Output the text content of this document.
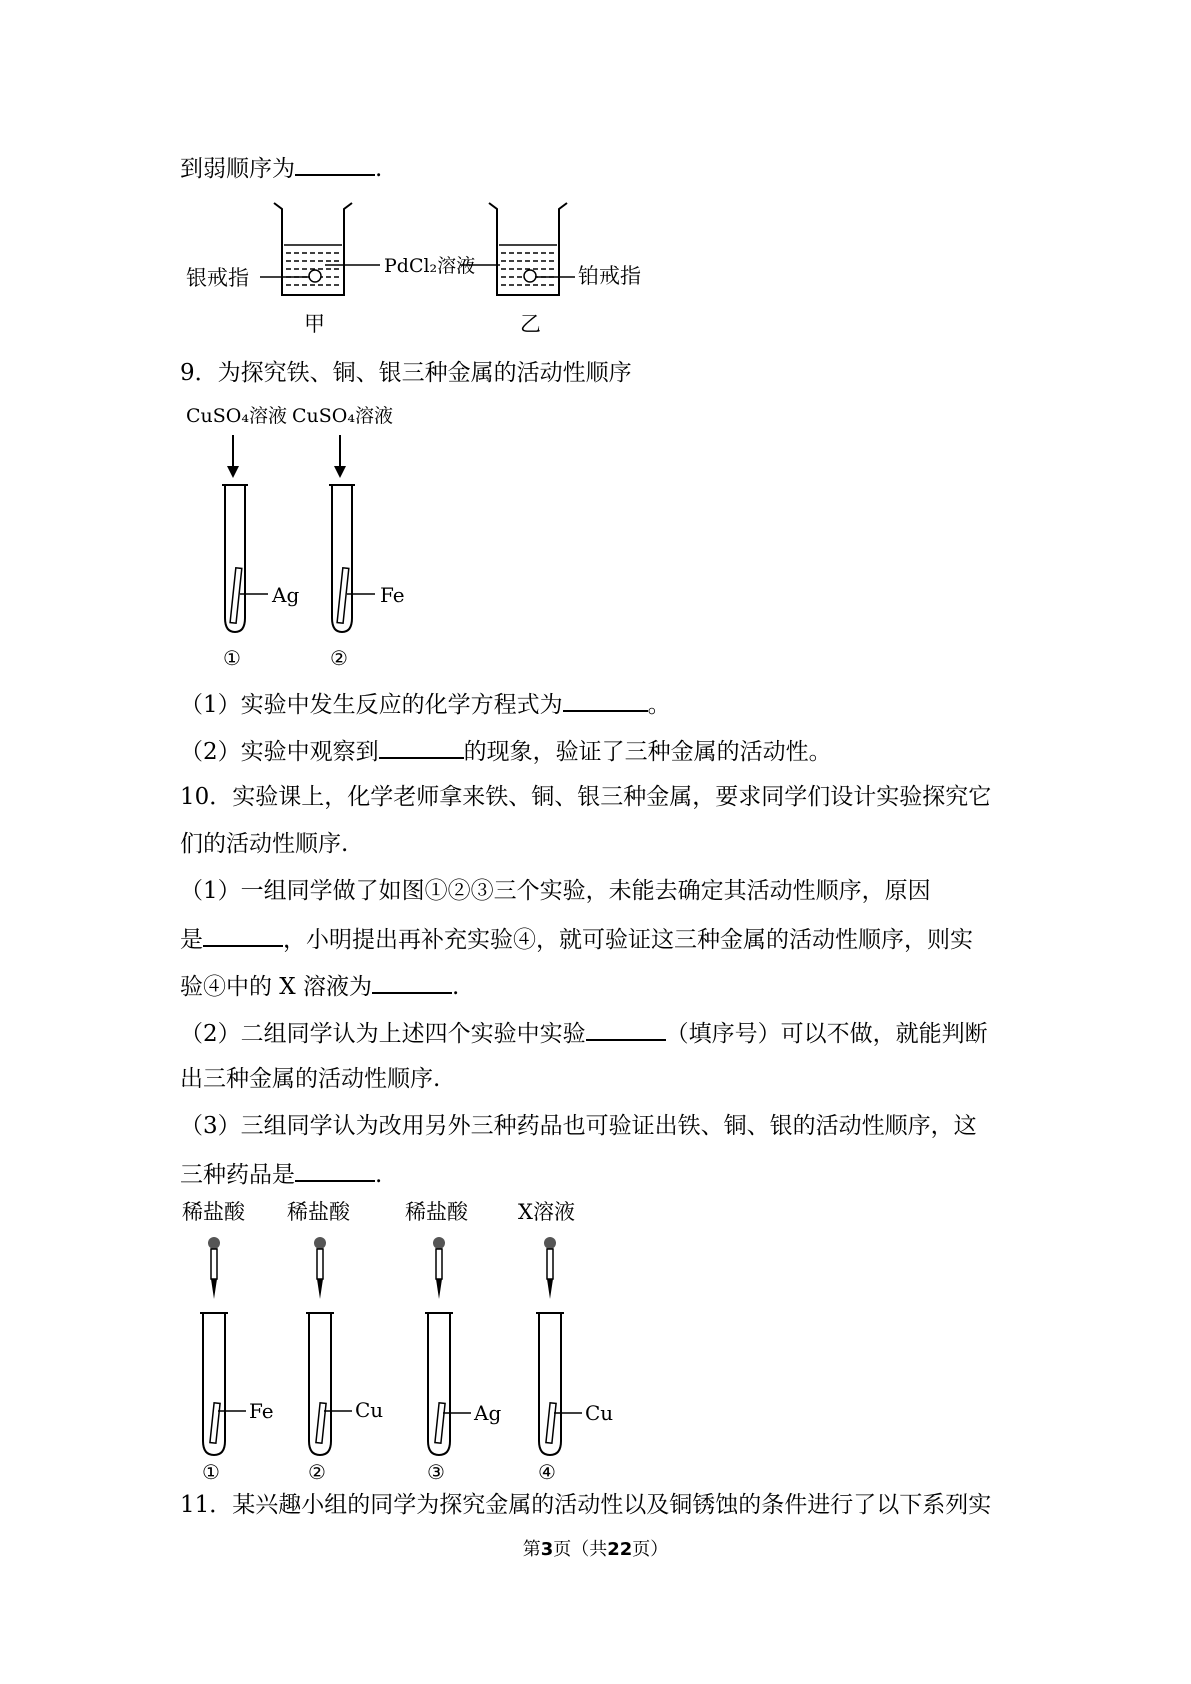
到弱顺序为	.
银戒指	PdCl₂溶液	铂戒指
甲	乙
9．为探究铁、铜、银三种金属的活动性顺序
CuSO₄溶液
Ag
①
CuSO₄溶液
Fe
②
（1）实验中发生反应的化学方程式为	。
（2）实验中观察到	的现象，验证了三种金属的活动性。
10．实验课上，化学老师拿来铁、铜、银三种金属，要求同学们设计实验探究它
们的活动性顺序.
（1）一组同学做了如图①②③三个实验，未能去确定其活动性顺序，原因
是	，小明提出再补充实验④，就可验证这三种金属的活动性顺序，则实
验④中的 X 溶液为	.
（2）二组同学认为上述四个实验中实验	（填序号）可以不做，就能判断
出三种金属的活动性顺序.
（3）三组同学认为改用另外三种药品也可验证出铁、铜、银的活动性顺序，这
三种药品是	.
稀盐酸
Fe
①
稀盐酸
Cu
②
稀盐酸
Ag
③
X溶液
Cu
④
11．某兴趣小组的同学为探究金属的活动性以及铜锈蚀的条件进行了以下系列实
第3页（共22页）
